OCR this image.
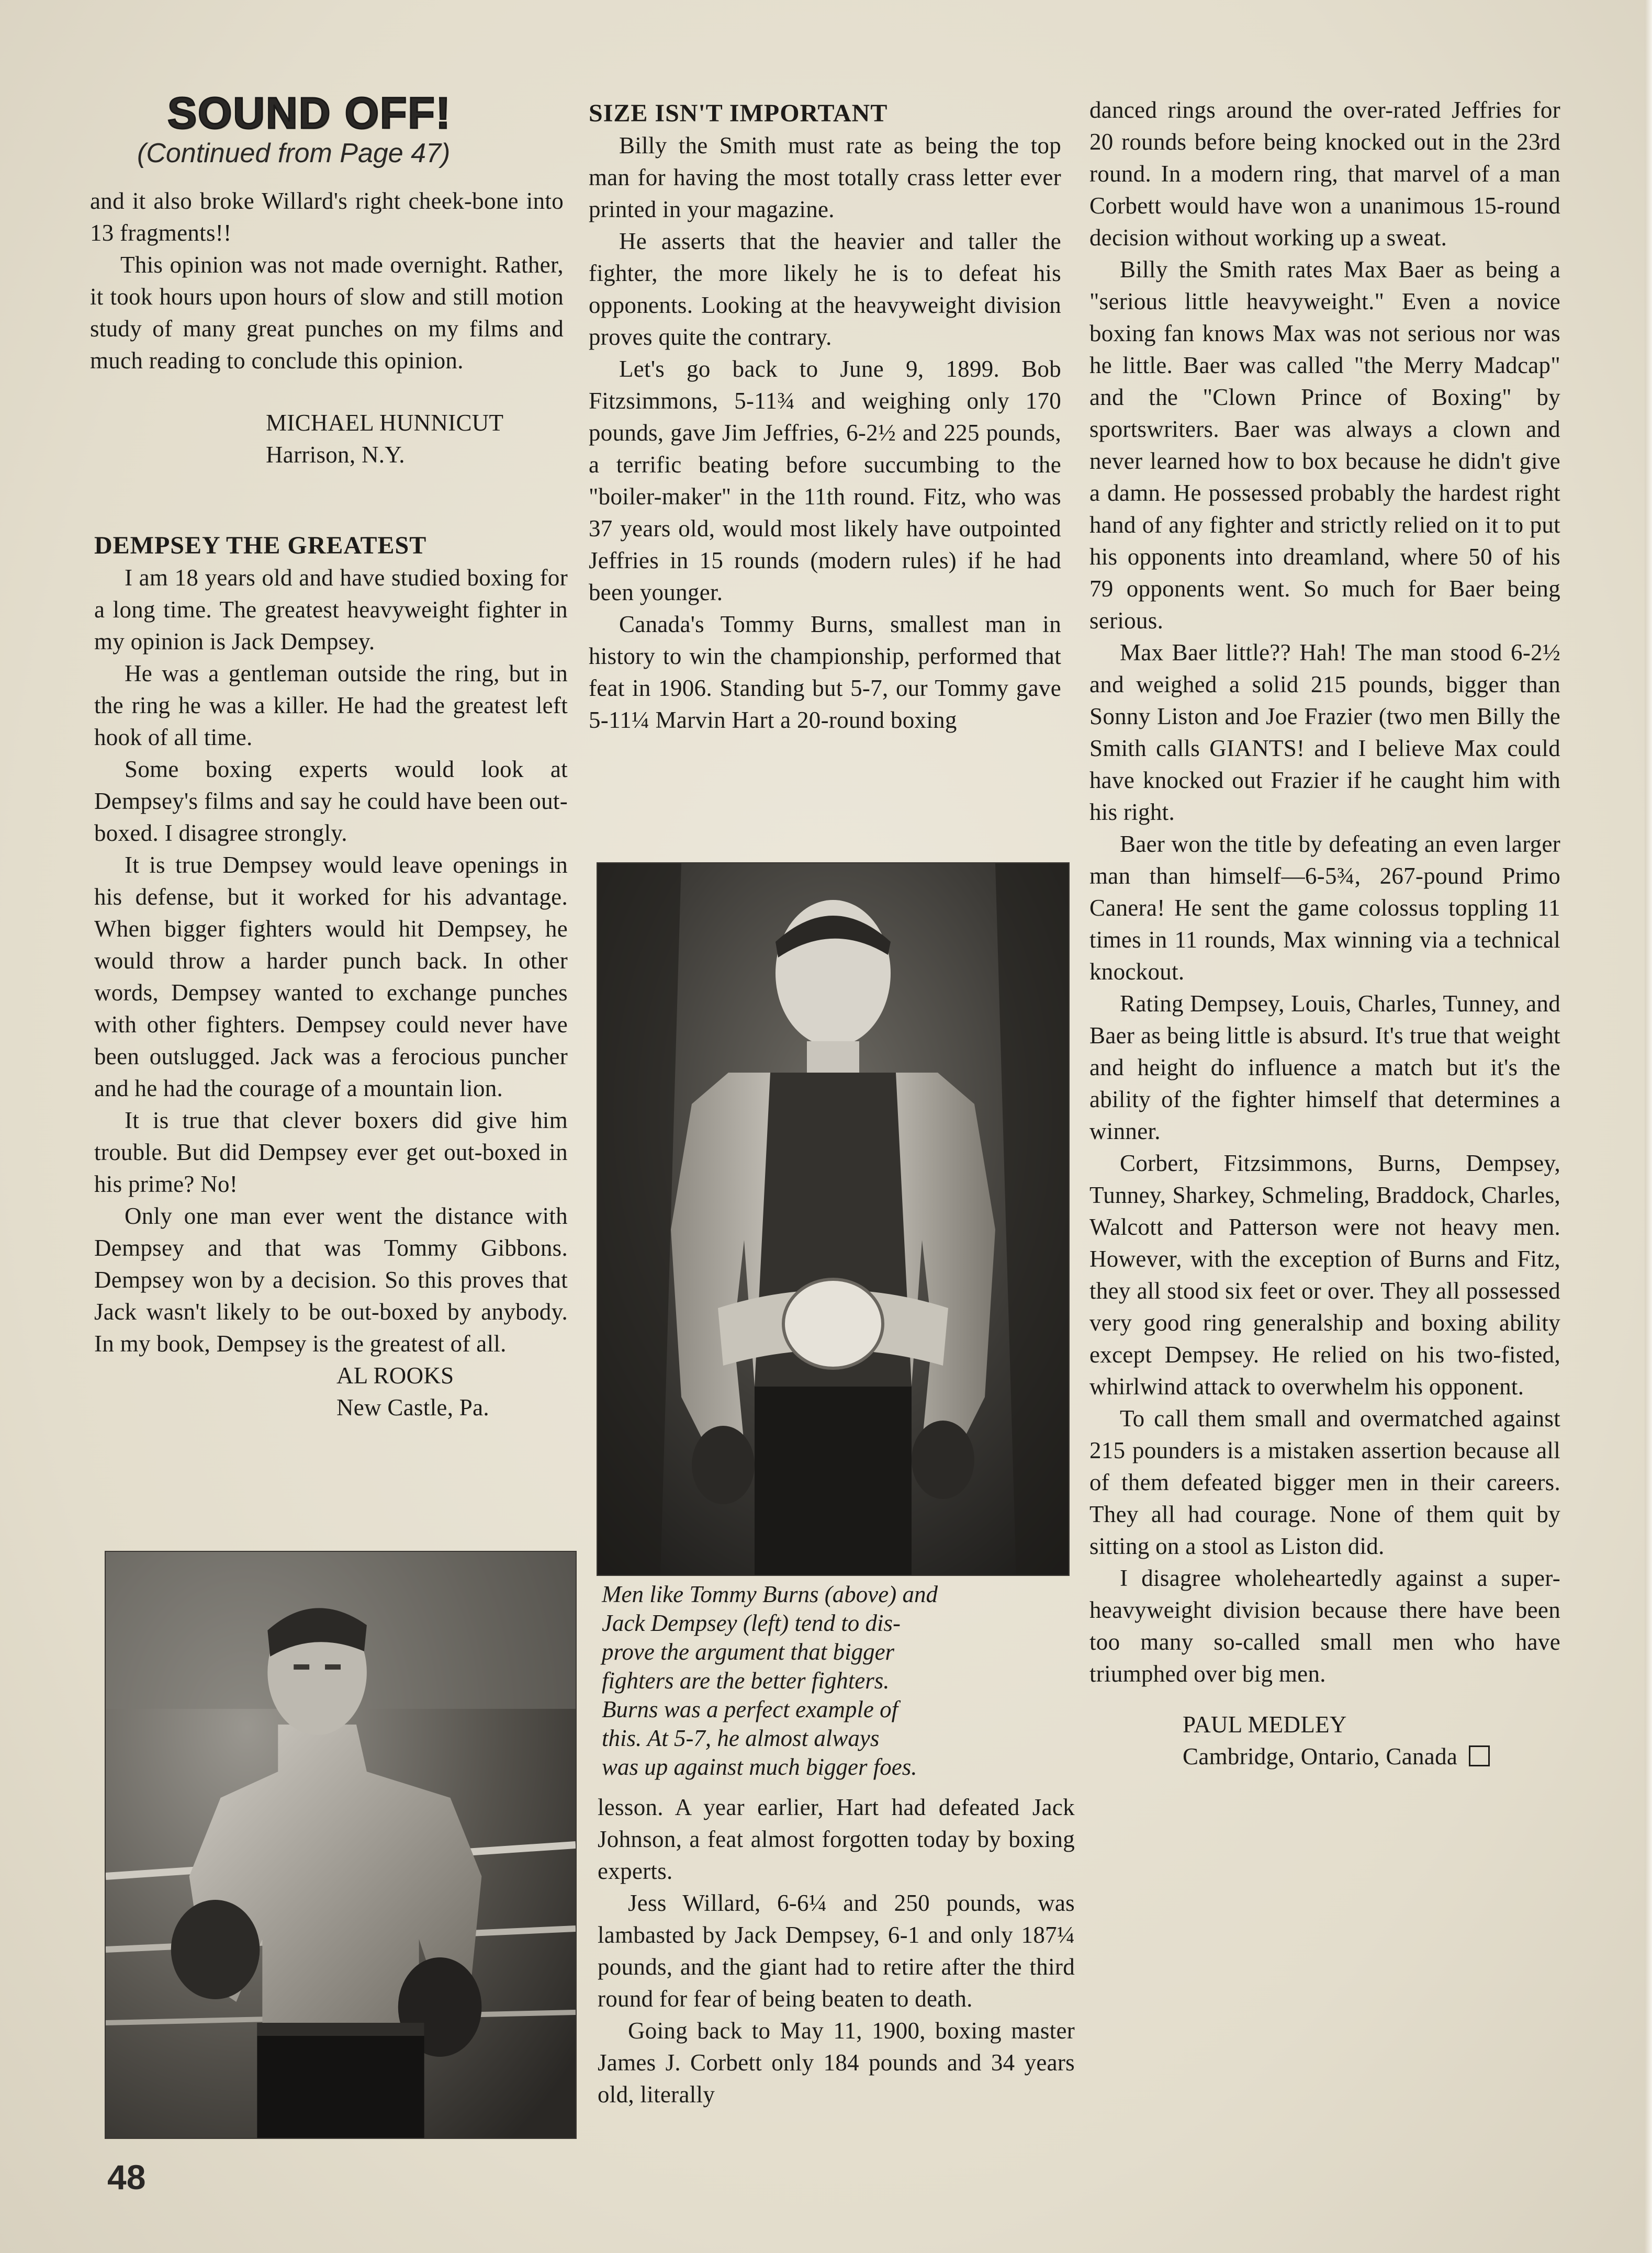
SOUND OFF!

(Continued from Page 47)

and it also broke Willard's right cheek-bone into 13 fragments!!

This opinion was not made overnight. Rather, it took hours upon hours of slow and still motion study of many great punches on my films and much reading to conclude this opinion.

MICHAEL HUNNICUT

Harrison, N.Y.

DEMPSEY THE GREATEST

I am 18 years old and have studied boxing for a long time. The greatest heavyweight fighter in my opinion is Jack Dempsey.

He was a gentleman outside the ring, but in the ring he was a killer. He had the greatest left hook of all time.

Some boxing experts would look at Dempsey's films and say he could have been out-boxed. I disagree strongly.

It is true Dempsey would leave openings in his defense, but it worked for his advantage. When bigger fighters would hit Dempsey, he would throw a harder punch back. In other words, Dempsey wanted to exchange punches with other fighters. Dempsey could never have been outslugged. Jack was a ferocious puncher and he had the courage of a mountain lion.

It is true that clever boxers did give him trouble. But did Dempsey ever get out-boxed in his prime? No!

Only one man ever went the distance with Dempsey and that was Tommy Gibbons. Dempsey won by a decision. So this proves that Jack wasn't likely to be out-boxed by anybody. In my book, Dempsey is the greatest of all.

AL ROOKS

New Castle, Pa.

SIZE ISN'T IMPORTANT

Billy the Smith must rate as being the top man for having the most totally crass letter ever printed in your magazine.

He asserts that the heavier and taller the fighter, the more likely he is to defeat his opponents. Looking at the heavyweight division proves quite the contrary.

Let's go back to June 9, 1899. Bob Fitzsimmons, 5-11¾ and weighing only 170 pounds, gave Jim Jeffries, 6-2½ and 225 pounds, a terrific beating before succumbing to the "boiler-maker" in the 11th round. Fitz, who was 37 years old, would most likely have outpointed Jeffries in 15 rounds (modern rules) if he had been younger.

Canada's Tommy Burns, smallest man in history to win the championship, performed that feat in 1906. Standing but 5-7, our Tommy gave 5-11¼ Marvin Hart a 20-round boxing

Men like Tommy Burns (above) and
Jack Dempsey (left) tend to dis-
prove the argument that bigger
fighters are the better fighters.
Burns was a perfect example of
this. At 5-7, he almost always
was up against much bigger foes.

lesson. A year earlier, Hart had defeated Jack Johnson, a feat almost forgotten today by boxing experts.

Jess Willard, 6-6¼ and 250 pounds, was lambasted by Jack Dempsey, 6-1 and only 187¼ pounds, and the giant had to retire after the third round for fear of being beaten to death.

Going back to May 11, 1900, boxing master James J. Corbett only 184 pounds and 34 years old, literally

danced rings around the over-rated Jeffries for 20 rounds before being knocked out in the 23rd round. In a modern ring, that marvel of a man Corbett would have won a unanimous 15-round decision without working up a sweat.

Billy the Smith rates Max Baer as being a "serious little heavyweight." Even a novice boxing fan knows Max was not serious nor was he little. Baer was called "the Merry Madcap" and the "Clown Prince of Boxing" by sportswriters. Baer was always a clown and never learned how to box because he didn't give a damn. He possessed probably the hardest right hand of any fighter and strictly relied on it to put his opponents into dreamland, where 50 of his 79 opponents went. So much for Baer being serious.

Max Baer little?? Hah! The man stood 6-2½ and weighed a solid 215 pounds, bigger than Sonny Liston and Joe Frazier (two men Billy the Smith calls GIANTS! and I believe Max could have knocked out Frazier if he caught him with his right.

Baer won the title by defeating an even larger man than himself—6-5¾, 267-pound Primo Canera! He sent the game colossus toppling 11 times in 11 rounds, Max winning via a technical knockout.

Rating Dempsey, Louis, Charles, Tunney, and Baer as being little is absurd. It's true that weight and height do influence a match but it's the ability of the fighter himself that determines a winner.

Corbert, Fitzsimmons, Burns, Dempsey, Tunney, Sharkey, Schmeling, Braddock, Charles, Walcott and Patterson were not heavy men. However, with the exception of Burns and Fitz, they all stood six feet or over. They all possessed very good ring generalship and boxing ability except Dempsey. He relied on his two-fisted, whirlwind attack to overwhelm his opponent.

To call them small and overmatched against 215 pounders is a mistaken assertion because all of them defeated bigger men in their careers. They all had courage. None of them quit by sitting on a stool as Liston did.

I disagree wholeheartedly against a super-heavyweight division because there have been too many so-called small men who have triumphed over big men.

PAUL MEDLEY

Cambridge, Ontario, Canada

48
